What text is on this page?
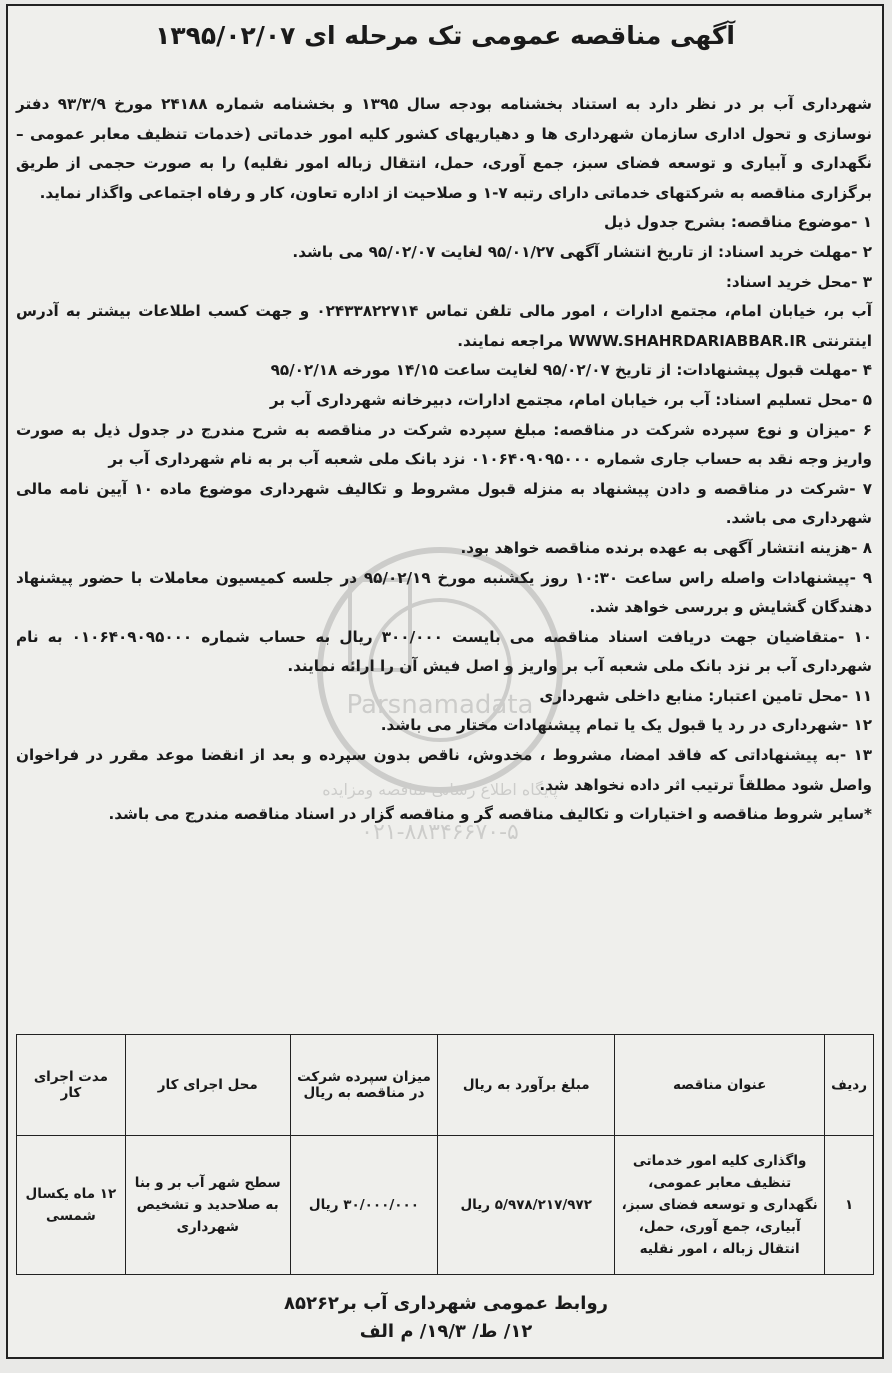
آگهی مناقصه عمومی تک مرحله ای ۱۳۹۵/۰۲/۰۷

شهرداری آب بر در نظر دارد به استناد بخشنامه بودجه سال ۱۳۹۵ و بخشنامه شماره ۲۴۱۸۸ مورخ ۹۳/۳/۹ دفتر نوسازی و تحول اداری سازمان شهرداری ها و دهیاریهای کشور کلیه امور خدماتی (خدمات تنظیف معابر عمومی –نگهداری و آبیاری و توسعه فضای سبز، جمع آوری، حمل، انتقال زباله امور نقلیه) را به صورت حجمی از طریق برگزاری مناقصه به شرکتهای خدماتی دارای رتبه ۷-۱ و صلاحیت از اداره تعاون، کار و رفاه اجتماعی واگذار نماید.

۱ -موضوع مناقصه: بشرح جدول ذیل

۲ -مهلت خرید اسناد: از تاریخ انتشار آگهی ۹۵/۰۱/۲۷ لغایت ۹۵/۰۲/۰۷ می باشد.

۳ -محل خرید اسناد:

آب بر، خیابان امام، مجتمع ادارات ، امور مالی تلفن تماس ۰۲۴۳۳۸۲۲۷۱۴ و جهت کسب اطلاعات بیشتر به آدرس اینترنتی WWW.SHAHRDARIABBAR.IR مراجعه نمایند.

۴ -مهلت قبول پیشنهادات: از تاریخ ۹۵/۰۲/۰۷ لغایت ساعت ۱۴/۱۵ مورخه ۹۵/۰۲/۱۸

۵ -محل تسلیم اسناد: آب بر، خیابان امام، مجتمع ادارات، دبیرخانه شهرداری آب بر

۶ -میزان و نوع سپرده شرکت در مناقصه: مبلغ سپرده شرکت در مناقصه به شرح مندرج در جدول ذیل به صورت واریز وجه نقد به حساب جاری شماره ۰۱۰۶۴۰۹۰۹۵۰۰۰ نزد بانک ملی شعبه آب بر به نام شهرداری آب بر

۷ -شرکت در مناقصه و دادن پیشنهاد به منزله قبول مشروط و تکالیف شهرداری موضوع ماده ۱۰ آیین نامه مالی شهرداری می باشد.

۸ -هزینه انتشار آگهی به عهده برنده مناقصه خواهد بود.

۹ -پیشنهادات واصله راس ساعت ۱۰:۳۰ روز یکشنبه مورخ ۹۵/۰۲/۱۹ در جلسه کمیسیون معاملات با حضور پیشنهاد دهندگان گشایش و بررسی خواهد شد.

۱۰ -متقاضیان جهت دریافت اسناد مناقصه می بایست ۳۰۰/۰۰۰ ریال به حساب شماره ۰۱۰۶۴۰۹۰۹۵۰۰۰ به نام شهرداری آب بر نزد بانک ملی شعبه آب بر واریز و اصل فیش آن را ارائه نمایند.

۱۱ -محل تامین اعتبار: منابع داخلی شهرداری

۱۲ -شهرداری در رد یا قبول یک یا تمام پیشنهادات مختار می باشد.

۱۳ -به پیشنهاداتی که فاقد امضا، مشروط ، مخدوش، ناقص بدون سپرده و بعد از انقضا موعد مقرر در فراخوان واصل شود مطلقاً ترتیب اثر داده نخواهد شد.

*سایر شروط مناقصه و اختیارات و تکالیف مناقصه گر و مناقصه گزار در اسناد مناقصه مندرج می باشد.

ردیف	عنوان مناقصه	مبلغ برآورد به ریال	میزان سپرده شرکت در مناقصه به ریال	محل اجرای کار	مدت اجرای کار
۱	واگذاری کلیه امور خدماتی تنظیف معابر عمومی، نگهداری و توسعه فضای سبز، آبیاری، جمع آوری، حمل، انتقال زباله ، امور نقلیه	۵/۹۷۸/۲۱۷/۹۷۲ ریال	۳۰/۰۰۰/۰۰۰ ریال	سطح شهر آب بر و بنا به صلاحدید و تشخیص شهرداری	۱۲ ماه یکسال شمسی
روابط عمومی شهرداری آب بر۸۵۲۶۲
۱۲/ ط/ ۱۹/۳/ م الف
